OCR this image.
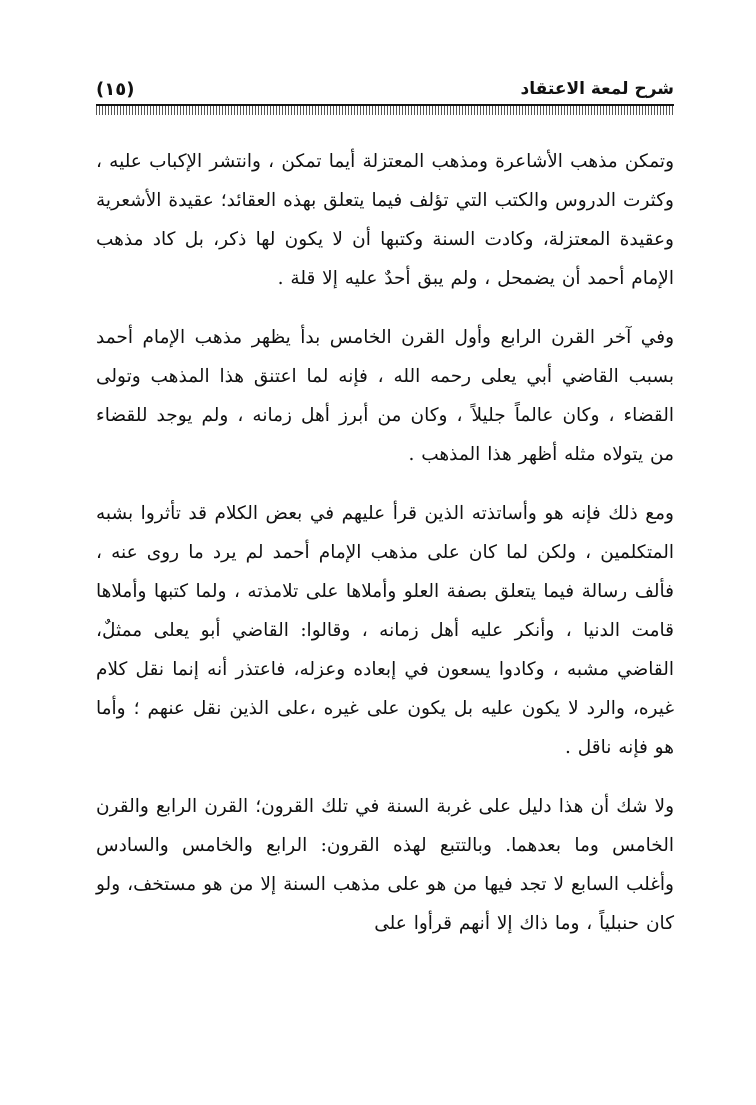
شرح لمعة الاعتقاد
(١٥)

وتمكن مذهب الأشاعرة ومذهب المعتزلة أيما تمكن ، وانتشر الإكباب عليه ، وكثرت الدروس والكتب التي تؤلف فيما يتعلق بهذه العقائد؛ عقيدة الأشعرية وعقيدة المعتزلة، وكادت السنة وكتبها أن لا يكون لها ذكر، بل كاد مذهب الإمام أحمد أن يضمحل ، ولم يبق أحدٌ عليه إلا قلة .

وفي آخر القرن الرابع وأول القرن الخامس بدأ يظهر مذهب الإمام أحمد بسبب القاضي أبي يعلى رحمه الله ، فإنه لما اعتنق هذا المذهب وتولى القضاء ، وكان عالماً جليلاً ، وكان من أبرز أهل زمانه ، ولم يوجد للقضاء من يتولاه مثله أظهر هذا المذهب .

ومع ذلك فإنه هو وأساتذته الذين قرأ عليهم في بعض الكلام قد تأثروا بشبه المتكلمين ، ولكن لما كان على مذهب الإمام أحمد لم يرد ما روى عنه ، فألف رسالة فيما يتعلق بصفة العلو وأملاها على تلامذته ، ولما كتبها وأملاها قامت الدنيا ، وأنكر عليه أهل زمانه ، وقالوا: القاضي أبو يعلى ممثلٌ، القاضي مشبه ، وكادوا يسعون في إبعاده وعزله، فاعتذر أنه إنما نقل كلام غيره، والرد لا يكون عليه بل يكون على غيره ،على الذين نقل عنهم ؛ وأما هو فإنه ناقل .

ولا شك أن هذا دليل على غربة السنة في تلك القرون؛ القرن الرابع والقرن الخامس وما بعدهما. وبالتتبع لهذه القرون: الرابع والخامس والسادس وأغلب السابع لا تجد فيها من هو على مذهب السنة إلا من هو مستخف، ولو كان حنبلياً ، وما ذاك إلا أنهم قرأوا على
